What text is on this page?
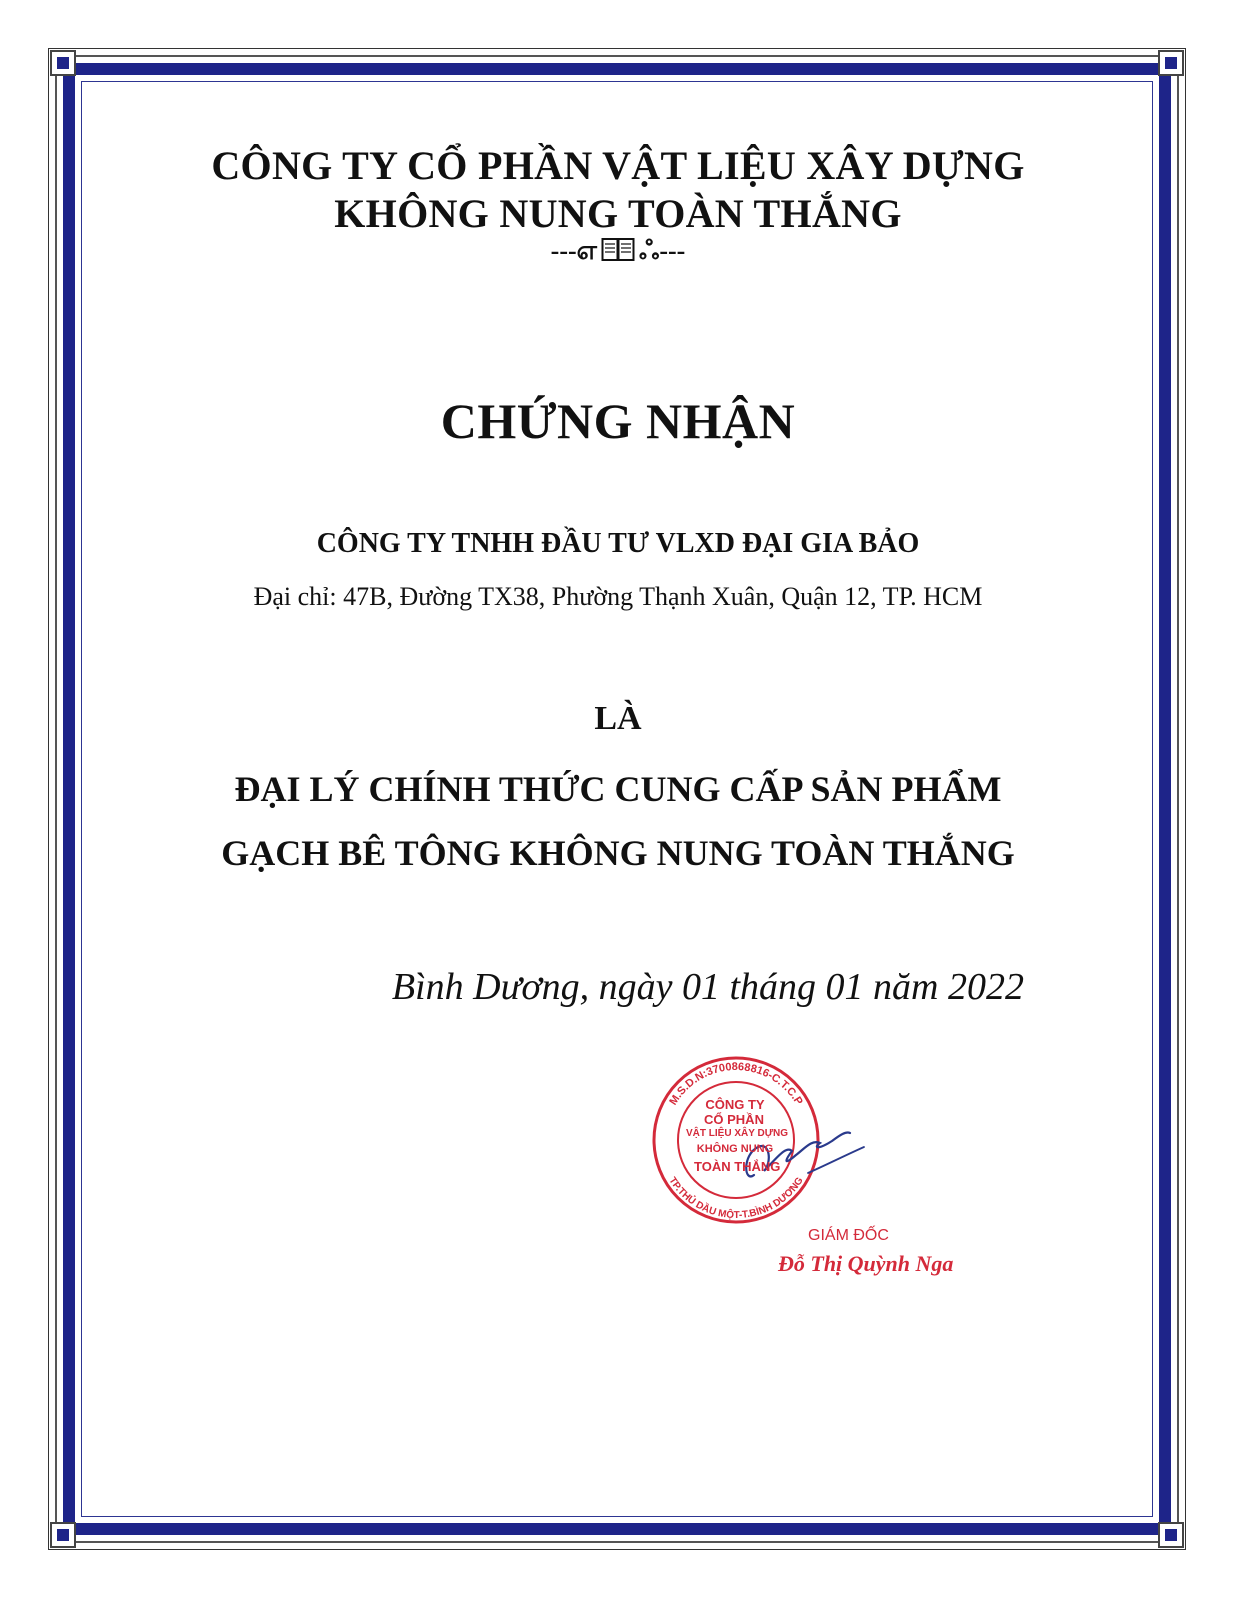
CÔNG TY CỔ PHẦN VẬT LIỆU XÂY DỰNG

KHÔNG NUNG TOÀN THẮNG

---எ ஃ---

CHỨNG NHẬN

CÔNG TY TNHH ĐẦU TƯ VLXD ĐẠI GIA BẢO

Đại chỉ: 47B, Đường TX38, Phường Thạnh Xuân, Quận 12, TP. HCM

LÀ

ĐẠI LÝ CHÍNH THỨC CUNG CẤP SẢN PHẨM

GẠCH BÊ TÔNG KHÔNG NUNG TOÀN THẮNG

Bình Dương, ngày 01 tháng 01 năm 2022

M.S.D.N:3700868816-C.T.C.P
TP.THỦ DẦU MỘT-T.BÌNH DƯƠNG
CÔNG TY
CỔ PHẦN
VẬT LIỆU XÂY DỰNG
KHÔNG NUNG
TOÀN THẮNG
GIÁM ĐỐC
Đỗ Thị Quỳnh Nga
